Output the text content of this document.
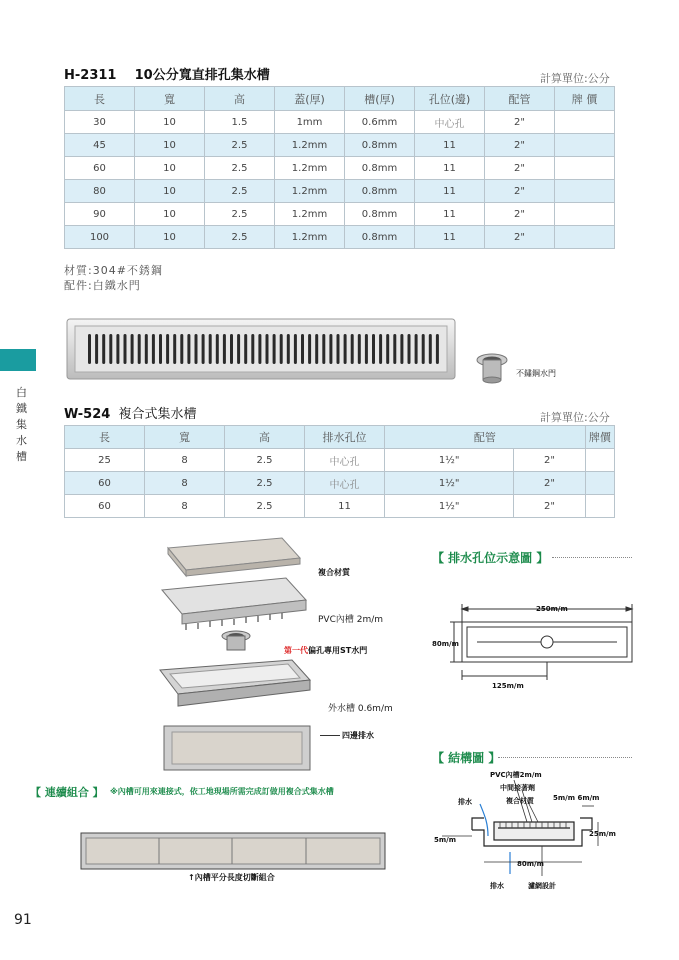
H-2311 10公分寬直排孔集水槽	計算單位:公分
長	寬	高	蓋(厚)	槽(厚)	孔位(邊)	配管	牌 價
30	10	1.5	1mm	0.6mm	中心孔	2"	
45	10	2.5	1.2mm	0.8mm	11	2"	
60	10	2.5	1.2mm	0.8mm	11	2"	
80	10	2.5	1.2mm	0.8mm	11	2"	
90	10	2.5	1.2mm	0.8mm	11	2"	
100	10	2.5	1.2mm	0.8mm	11	2"	
材質:304#不銹鋼
配件:白鐵水門
不鏽鋼水門
白
鐵
集
水
槽
W-524 複合式集水槽	計算單位:公分
長	寬	高	排水孔位	配管		牌價
25	8	2.5	中心孔	1½"	2"	
60	8	2.5	中心孔	1½"	2"	
60	8	2.5	11	1½"	2"	
複合材質
PVC內槽 2m/m
第一代偏孔專用ST水門
外水槽 0.6m/m
四邊排水
【 排水孔位示意圖 】
250m/m
80m/m
125m/m
【 結構圖 】
PVC內槽2m/m
中間接著劑
複合材質
排水	5m/m 6m/m
25m/m
5m/m
80m/m
排水	濾網設計
【 連續組合 】 ※內槽可用來連接式，依工地現場所需完成訂做用複合式集水槽
↑內槽平分長度切斷組合
91
